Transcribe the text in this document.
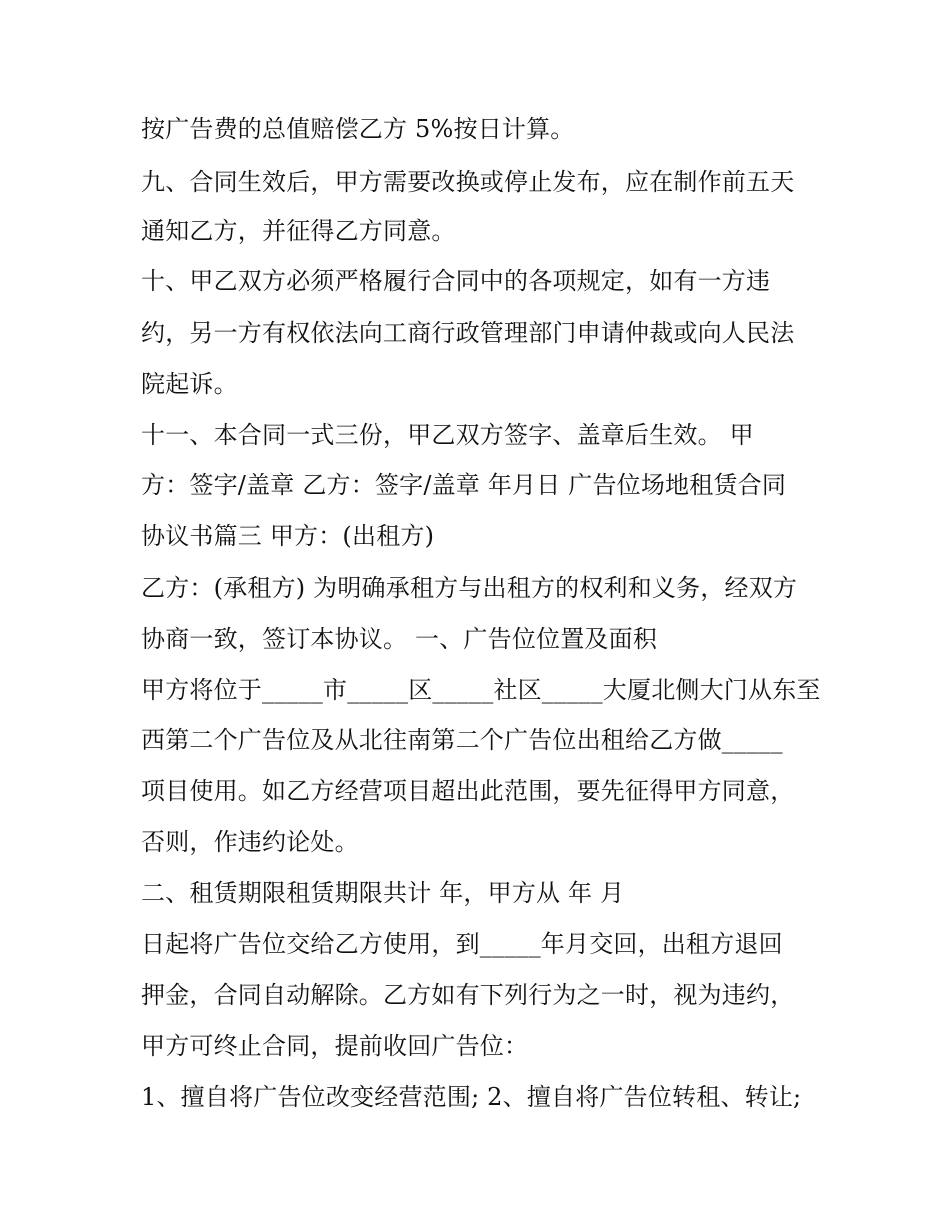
按广告费的总值赔偿乙方 5%按日计算。
九、合同生效后，甲方需要改换或停止发布，应在制作前五天
通知乙方，并征得乙方同意。
十、甲乙双方必须严格履行合同中的各项规定，如有一方违
约，另一方有权依法向工商行政管理部门申请仲裁或向人民法
院起诉。
十一、本合同一式三份，甲乙双方签字、盖章后生效。 甲
方：签字/盖章 乙方：签字/盖章 年月日 广告位场地租赁合同
协议书篇三 甲方：(出租方)
乙方：(承租方) 为明确承租方与出租方的权利和义务，经双方
协商一致，签订本协议。 一、广告位位置及面积
甲方将位于_____市_____区_____社区_____大厦北侧大门从东至
西第二个广告位及从北往南第二个广告位出租给乙方做_____
项目使用。如乙方经营项目超出此范围，要先征得甲方同意，
否则，作违约论处。
二、租赁期限租赁期限共计 年，甲方从 年 月
日起将广告位交给乙方使用，到_____年月交回，出租方退回
押金，合同自动解除。乙方如有下列行为之一时，视为违约，
甲方可终止合同，提前收回广告位：
1、擅自将广告位改变经营范围; 2、擅自将广告位转租、转让;
